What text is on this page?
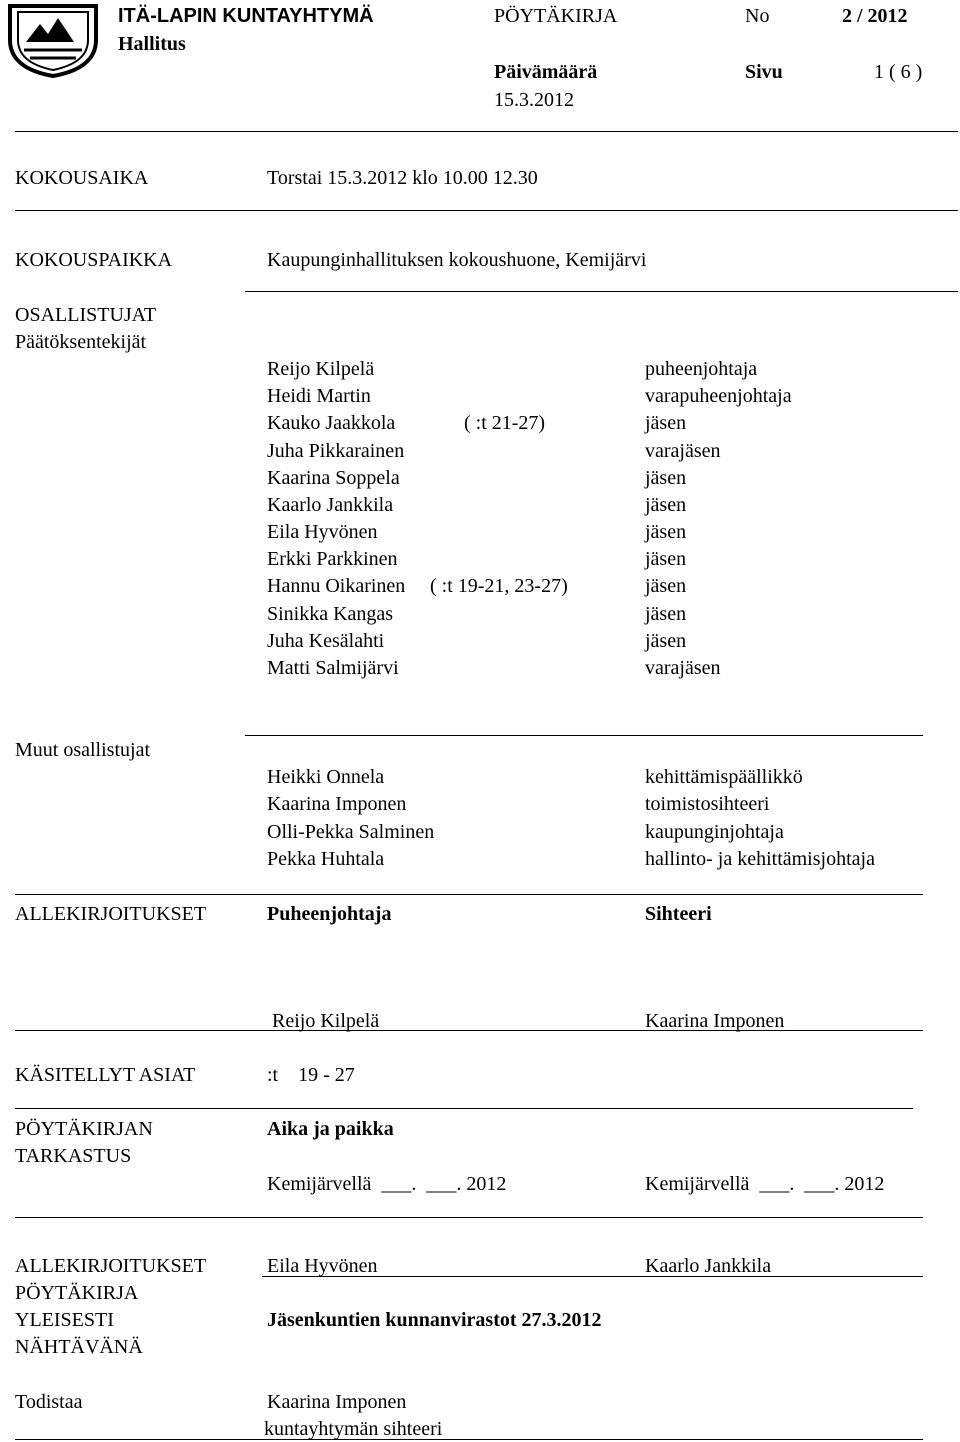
ITÄ-LAPIN KUNTAYHTYMÄ
Hallitus
PÖYTÄKIRJA	No	2 / 2012
Päivämäärä
15.3.2012
Sivu	1 ( 6 )
KOKOUSAIKA	Torstai 15.3.2012 klo 10.00 12.30
KOKOUSPAIKKA	Kaupunginhallituksen kokoushuone, Kemijärvi
OSALLISTUJAT
Päätöksentekijät
Reijo Kilpelä	puheenjohtaja
Heidi Martin	varapuheenjohtaja
Kauko Jaakkola	( :t 21-27)	jäsen
Juha Pikkarainen	varajäsen
Kaarina Soppela	jäsen
Kaarlo Jankkila	jäsen
Eila Hyvönen	jäsen
Erkki Parkkinen	jäsen
Hannu Oikarinen ( :t 19-21, 23-27)	jäsen
Sinikka Kangas	jäsen
Juha Kesälahti	jäsen
Matti Salmijärvi	varajäsen
Muut osallistujat
Heikki Onnela	kehittämispäällikkö
Kaarina Imponen	toimistosihteeri
Olli-Pekka Salminen	kaupunginjohtaja
Pekka Huhtala	hallinto- ja kehittämisjohtaja
ALLEKIRJOITUKSET	Puheenjohtaja	Sihteeri
Reijo Kilpelä	Kaarina Imponen
KÄSITELLYT ASIAT	:t    19 - 27
PÖYTÄKIRJAN
TARKASTUS
Aika ja paikka
Kemijärvellä  ___.  ___. 2012	Kemijärvellä  ___.  ___. 2012
ALLEKIRJOITUKSET	Eila Hyvönen	Kaarlo Jankkila
PÖYTÄKIRJA
YLEISESTI
NÄHTÄVÄNÄ
Jäsenkuntien kunnanvirastot 27.3.2012
Todistaa	Kaarina Imponen
kuntayhtymän sihteeri
